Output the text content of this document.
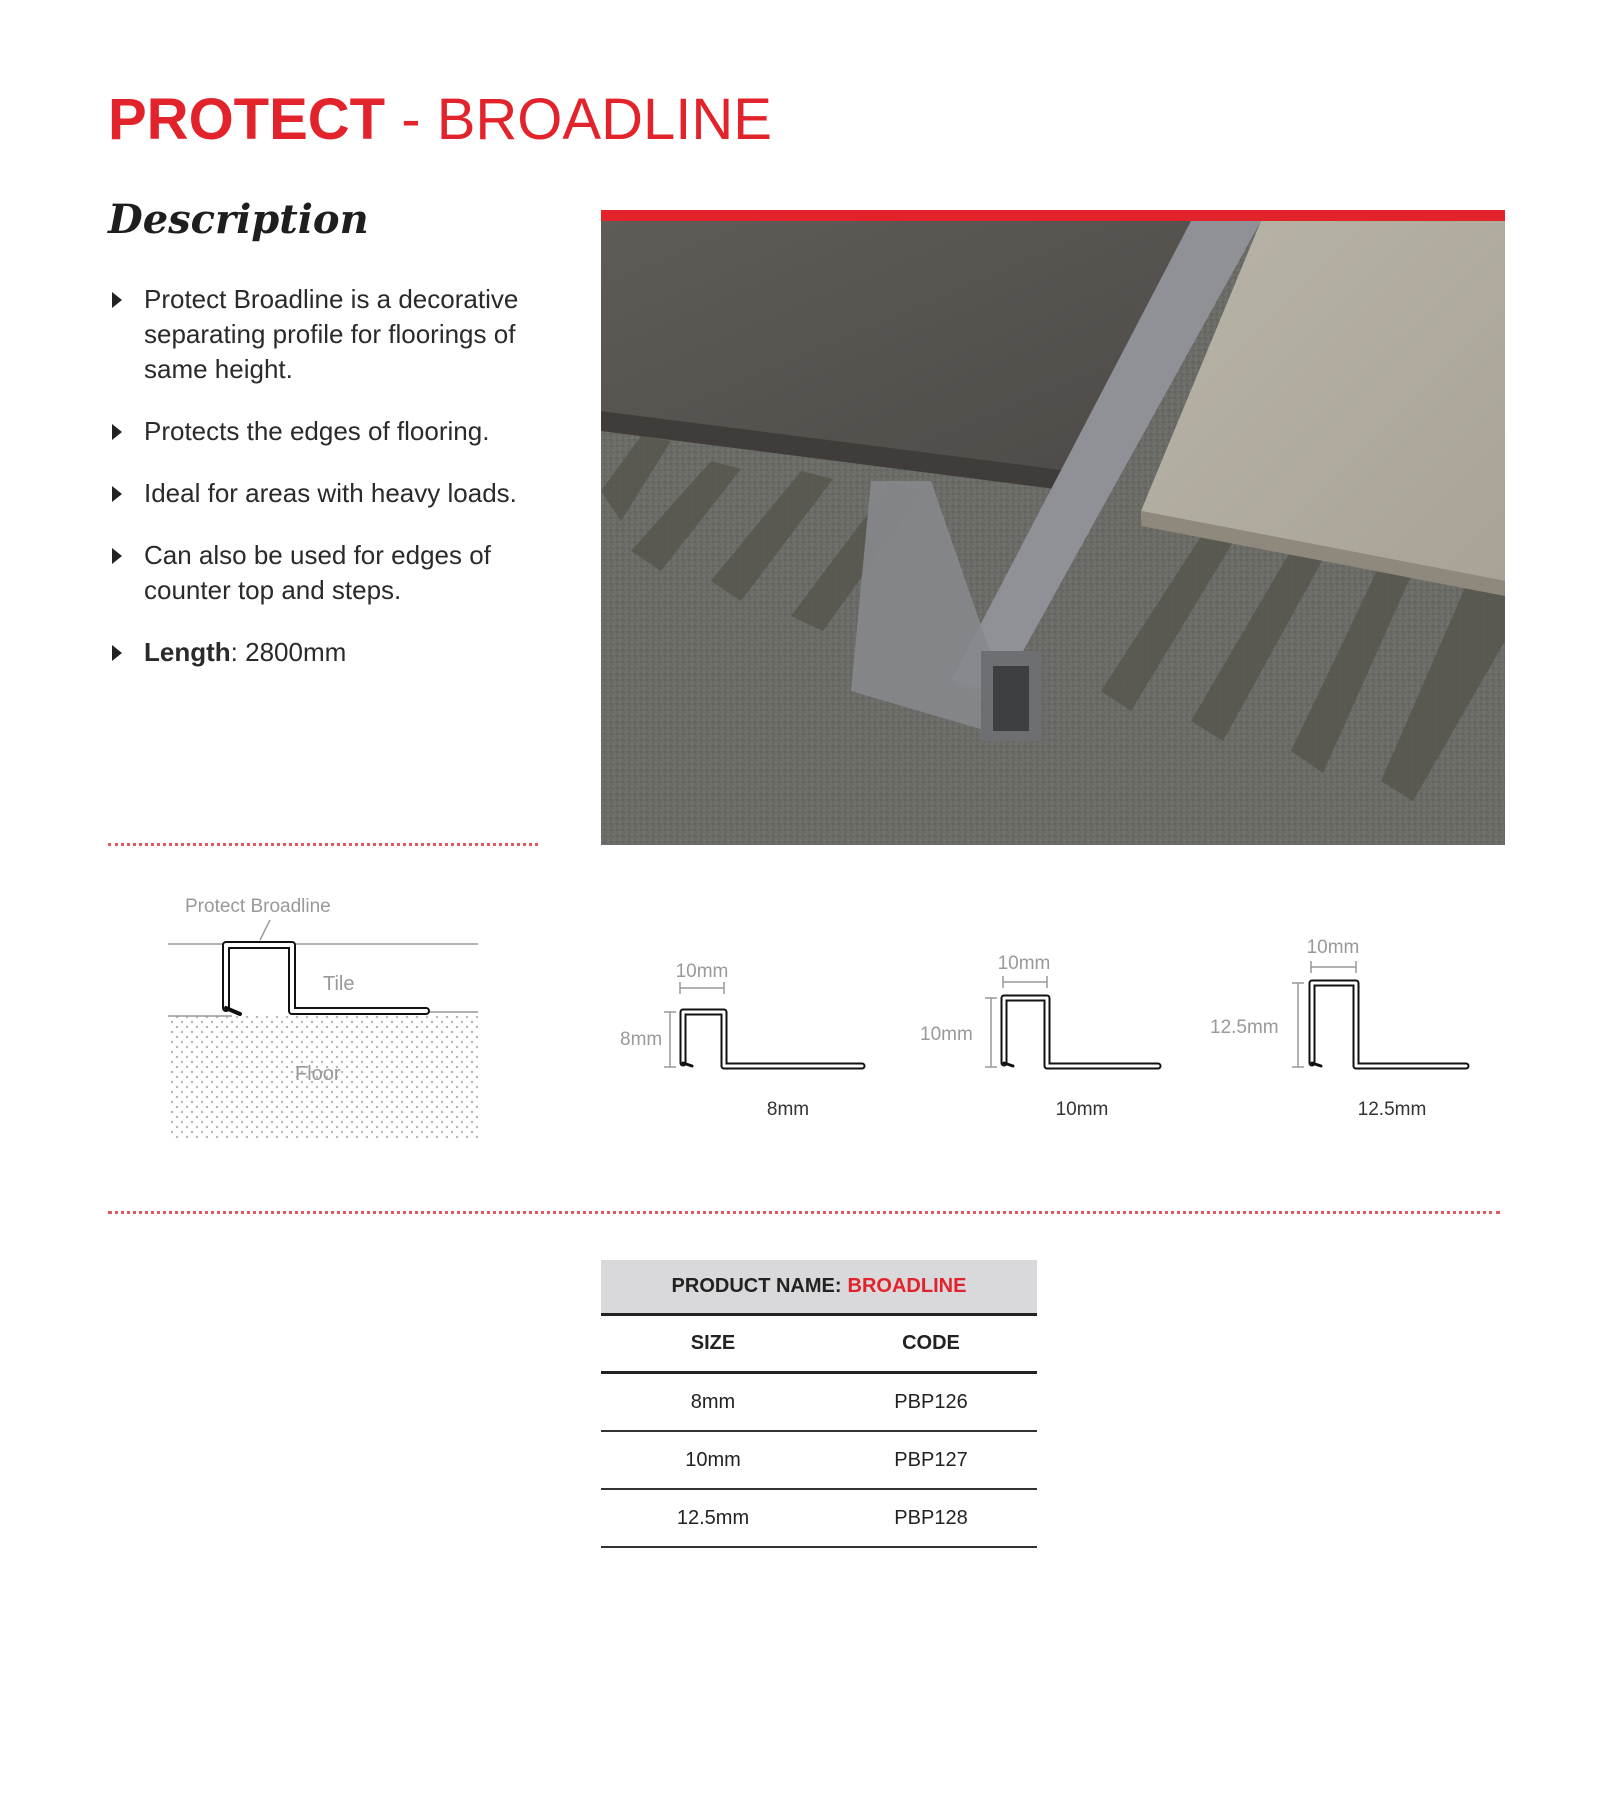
PROTECT - BROADLINE
Description
Protect Broadline is a decorative separating profile for floorings of same height.
Protects the edges of flooring.
Ideal for areas with heavy loads.
Can also be used for edges of counter top and steps.
Length: 2800mm
Protect Broadline
Tile
Floor
10mm
8mm
8mm
10mm
10mm
10mm
10mm
12.5mm
12.5mm
PRODUCT NAME: BROADLINE
SIZE	CODE
8mm	PBP126
10mm	PBP127
12.5mm	PBP128
